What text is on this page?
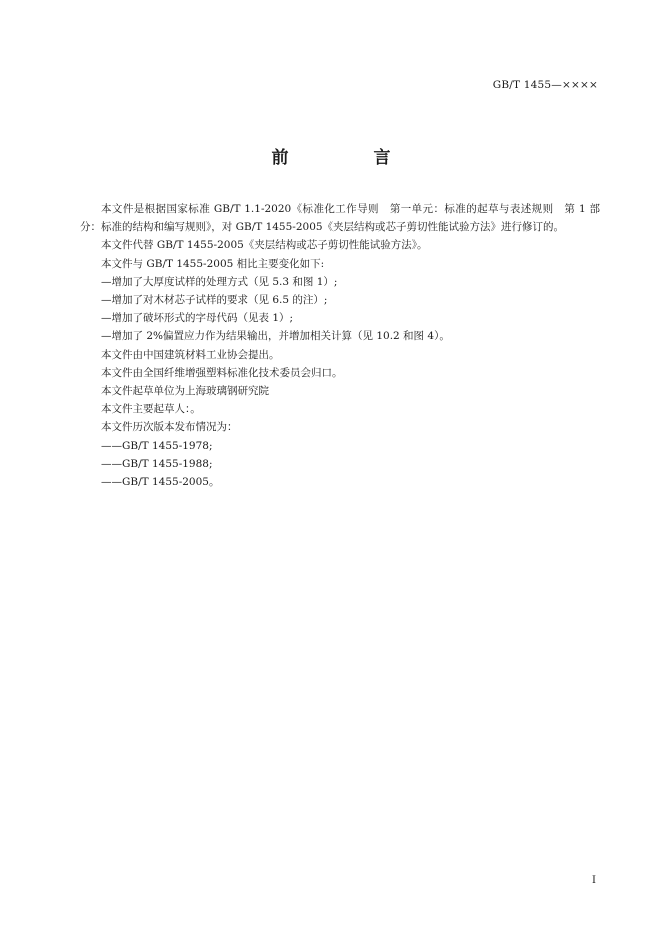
GB/T 1455—××××
前　言

本文件是根据国家标准 GB/T 1.1-2020《标准化工作导则　第一单元：标准的起草与表述规则　第 1 部分：标准的结构和编写规则》，对 GB/T 1455-2005《夹层结构或芯子剪切性能试验方法》进行修订的。

本文件代替 GB/T 1455-2005《夹层结构或芯子剪切性能试验方法》。

本文件与 GB/T 1455-2005 相比主要变化如下:

—增加了大厚度试样的处理方式（见 5.3 和图 1）;

—增加了对木材芯子试样的要求（见 6.5 的注）;

—增加了破坏形式的字母代码（见表 1）;

—增加了 2%偏置应力作为结果输出，并增加相关计算（见 10.2 和图 4）。

本文件由中国建筑材料工业协会提出。

本文件由全国纤维增强塑料标准化技术委员会归口。

本文件起草单位为上海玻璃钢研究院

本文件主要起草人：。

本文件历次版本发布情况为：

——GB/T 1455-1978;

——GB/T 1455-1988;

——GB/T 1455-2005。

I
